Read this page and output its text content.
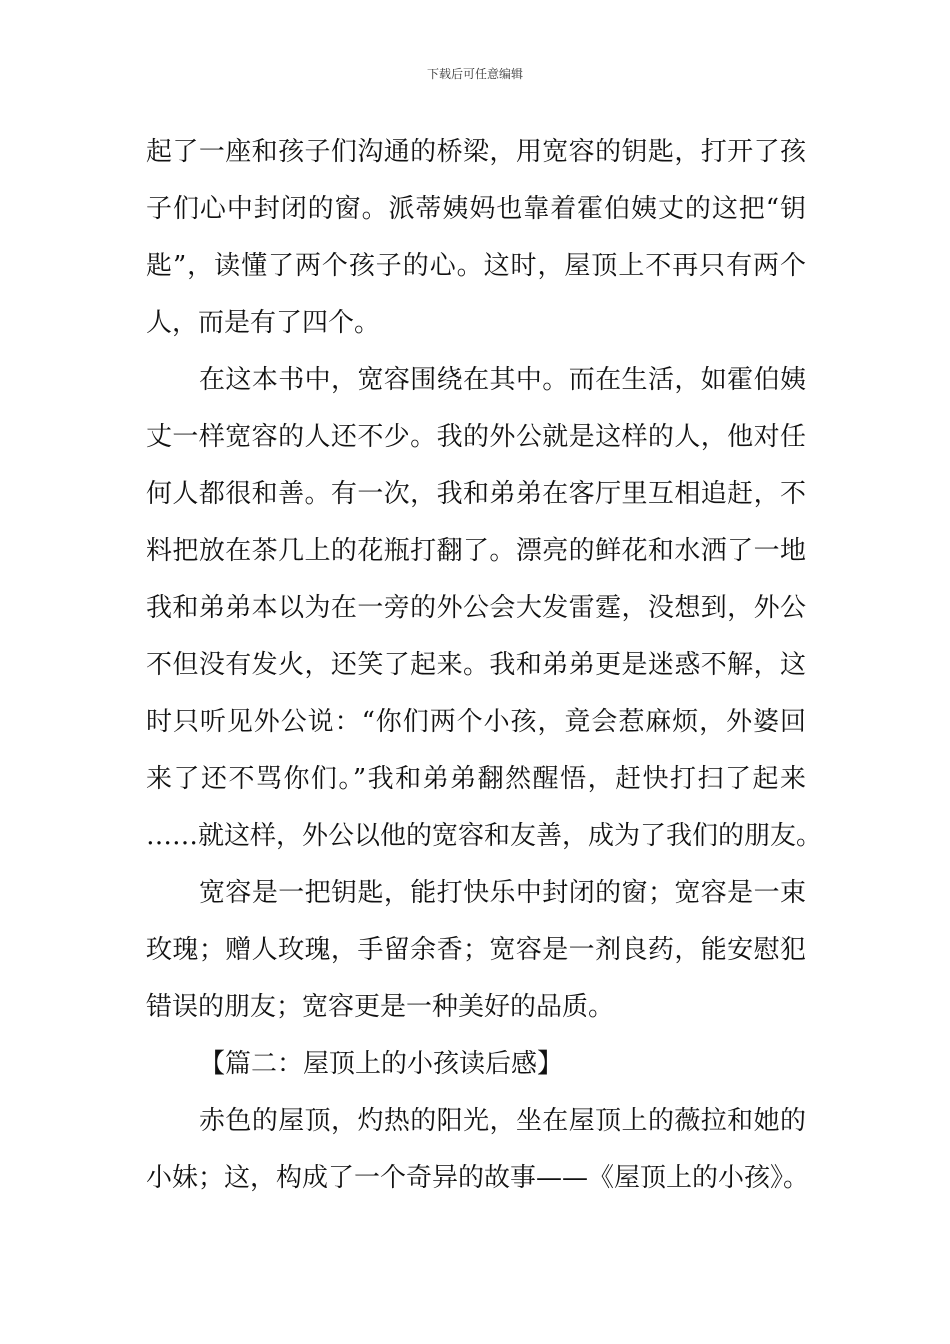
下载后可任意编辑
起了一座和孩子们沟通的桥梁，用宽容的钥匙，打开了孩
子们心中封闭的窗。派蒂姨妈也靠着霍伯姨丈的这把“钥
匙”，读懂了两个孩子的心。这时，屋顶上不再只有两个
人，而是有了四个。
在这本书中，宽容围绕在其中。而在生活，如霍伯姨
丈一样宽容的人还不少。我的外公就是这样的人，他对任
何人都很和善。有一次，我和弟弟在客厅里互相追赶，不
料把放在茶几上的花瓶打翻了。漂亮的鲜花和水洒了一地
我和弟弟本以为在一旁的外公会大发雷霆，没想到，外公
不但没有发火，还笑了起来。我和弟弟更是迷惑不解，这
时只听见外公说：“你们两个小孩，竟会惹麻烦，外婆回
来了还不骂你们。”我和弟弟翻然醒悟，赶快打扫了起来
……就这样，外公以他的宽容和友善，成为了我们的朋友。
宽容是一把钥匙，能打快乐中封闭的窗；宽容是一束
玫瑰；赠人玫瑰，手留余香；宽容是一剂良药，能安慰犯
错误的朋友；宽容更是一种美好的品质。
【篇二：屋顶上的小孩读后感】
赤色的屋顶，灼热的阳光，坐在屋顶上的薇拉和她的
小妹；这，构成了一个奇异的故事——《屋顶上的小孩》。
